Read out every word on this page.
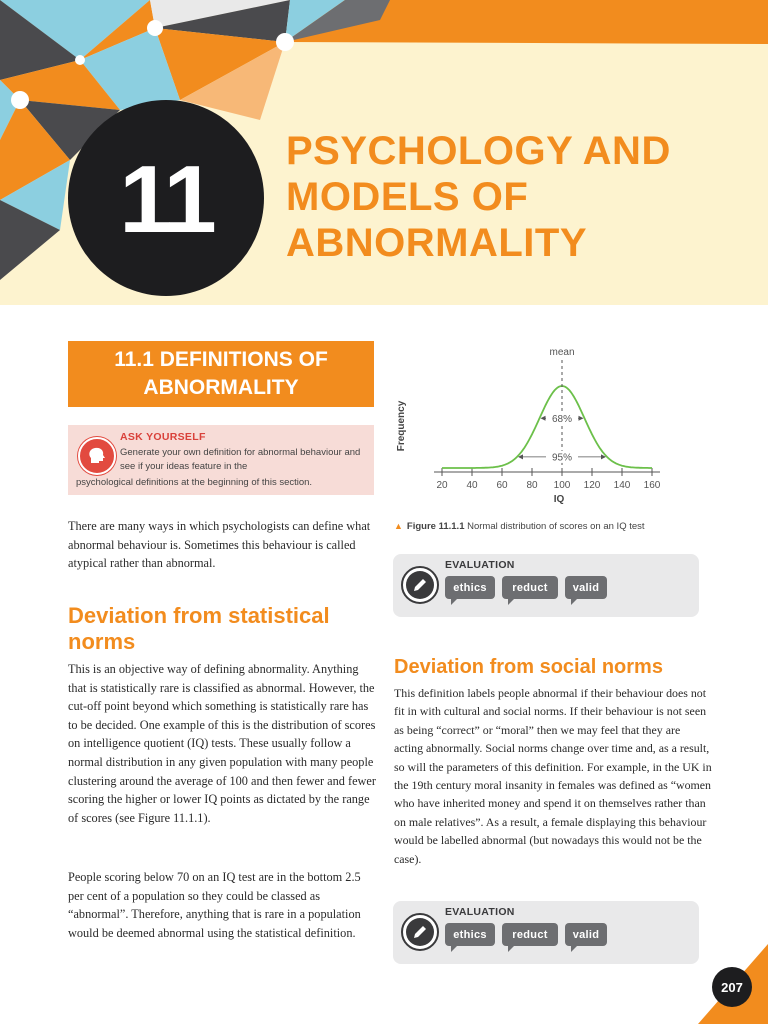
11 PSYCHOLOGY AND MODELS OF ABNORMALITY
11.1 DEFINITIONS OF ABNORMALITY
ASK YOURSELF
Generate your own definition for abnormal behaviour and see if your ideas feature in the
psychological definitions at the beginning of this section.
There are many ways in which psychologists can define what abnormal behaviour is. Sometimes this behaviour is called atypical rather than abnormal.
Deviation from statistical norms
This is an objective way of defining abnormality. Anything that is statistically rare is classified as abnormal. However, the cut-off point beyond which something is statistically rare has to be decided. One example of this is the distribution of scores on intelligence quotient (IQ) tests. These usually follow a normal distribution in any given population with many people clustering around the average of 100 and then fewer and fewer scoring the higher or lower IQ points as dictated by the range of scores (see Figure 11.1.1).
People scoring below 70 on an IQ test are in the bottom 2.5 per cent of a population so they could be classed as “abnormal”. Therefore, anything that is rare in a population would be deemed abnormal using the statistical definition.
20 40 60 80 100 120 140 160
IQ
Frequency
mean
68%
95%
▲ Figure 11.1.1 Normal distribution of scores on an IQ test
EVALUATION
ethics	reduct	valid
Deviation from social norms
This definition labels people abnormal if their behaviour does not fit in with cultural and social norms. If their behaviour is not seen as being “correct” or “moral” then we may feel that they are acting abnormally. Social norms change over time and, as a result, so will the parameters of this definition. For example, in the UK in the 19th century moral insanity in females was defined as “women who have inherited money and spend it on themselves rather than on male relatives”. As a result, a female displaying this behaviour would be labelled abnormal (but nowadays this would not be the case).
EVALUATION
ethics	reduct	valid
207
